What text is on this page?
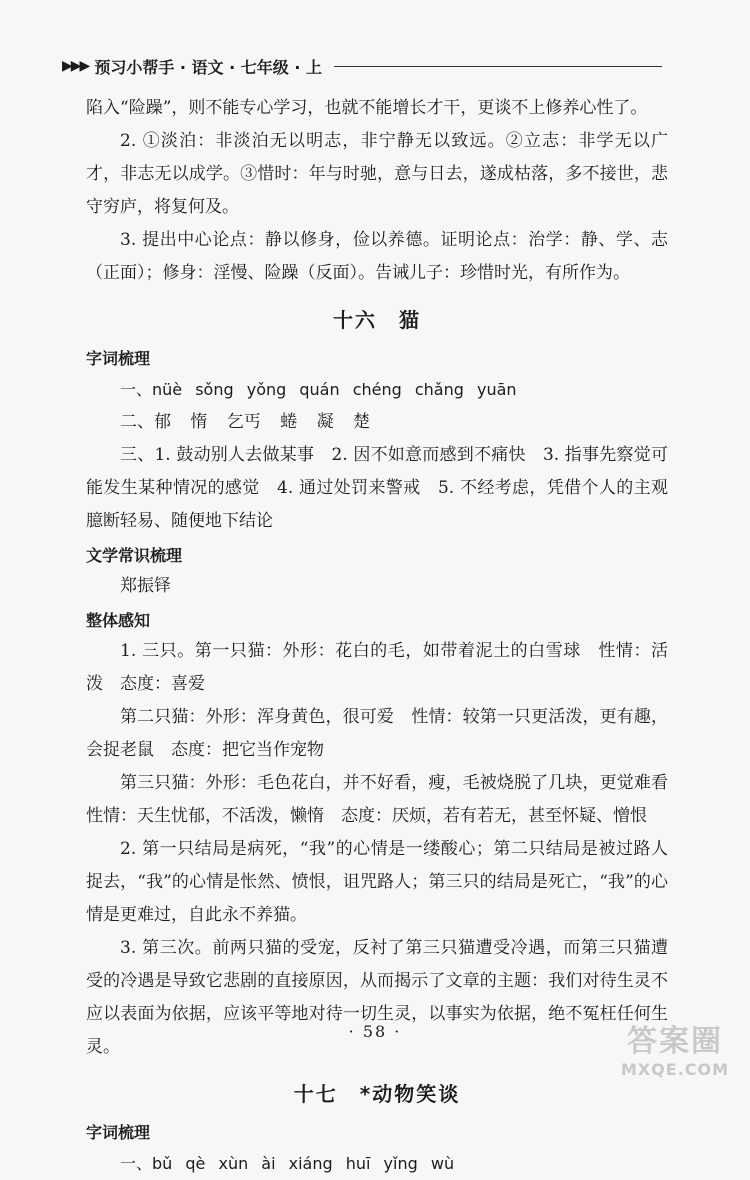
▶▶▶ 预习小帮手 · 语文 · 七年级 · 上

陷入“险躁”，则不能专心学习，也就不能增长才干，更谈不上修养心性了。

2. ①淡泊：非淡泊无以明志，非宁静无以致远。②立志：非学无以广才，非志无以成学。③惜时：年与时驰，意与日去，遂成枯落，多不接世，悲守穷庐，将复何及。

3. 提出中心论点：静以修身，俭以养德。证明论点：治学：静、学、志（正面）；修身：淫慢、险躁（反面）。告诫儿子：珍惜时光，有所作为。

十六　猫
字词梳理

一、nüè sǒng yǒng quán chéng chǎng yuān

二、郁 惰 乞丐 蜷 凝 楚

三、1. 鼓动别人去做某事　2. 因不如意而感到不痛快　3. 指事先察觉可能发生某种情况的感觉　4. 通过处罚来警戒　5. 不经考虑，凭借个人的主观臆断轻易、随便地下结论

文学常识梳理

郑振铎

整体感知

1. 三只。第一只猫：外形：花白的毛，如带着泥土的白雪球　性情：活泼　态度：喜爱

第二只猫：外形：浑身黄色，很可爱　性情：较第一只更活泼，更有趣，会捉老鼠　态度：把它当作宠物

第三只猫：外形：毛色花白，并不好看，瘦，毛被烧脱了几块，更觉难看　性情：天生忧郁，不活泼，懒惰　态度：厌烦，若有若无，甚至怀疑、憎恨

2. 第一只结局是病死，“我”的心情是一缕酸心；第二只结局是被过路人捉去，“我”的心情是怅然、愤恨，诅咒路人；第三只的结局是死亡，“我”的心情是更难过，自此永不养猫。

3. 第三次。前两只猫的受宠，反衬了第三只猫遭受冷遇，而第三只猫遭受的冷遇是导致它悲剧的直接原因，从而揭示了文章的主题：我们对待生灵不应以表面为依据，应该平等地对待一切生灵，以事实为依据，绝不冤枉任何生灵。

十七　*动物笑谈
字词梳理

一、bǔ qè xùn ài xiáng huī yǐng wù

· 58 ·	答案圈
MXQE.COM
